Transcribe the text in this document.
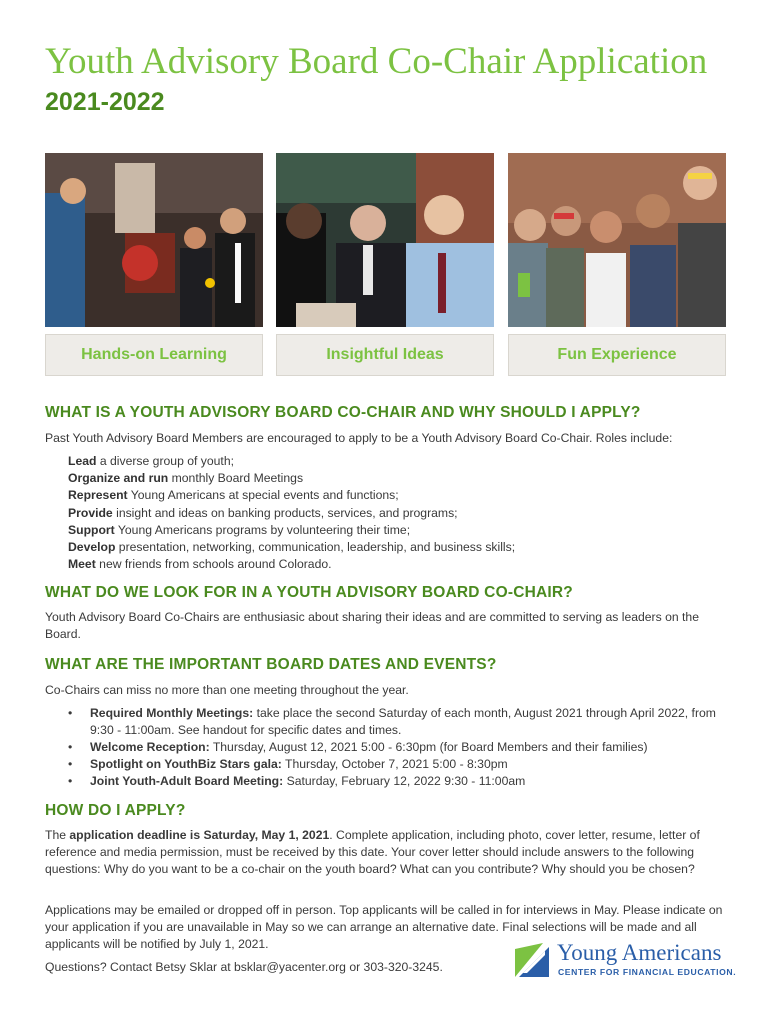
Youth Advisory Board Co-Chair Application
2021-2022
Hands-on Learning	Insightful Ideas	Fun Experience
WHAT IS A YOUTH ADVISORY BOARD CO-CHAIR AND WHY SHOULD I APPLY?

Past Youth Advisory Board Members are encouraged to apply to be a Youth Advisory Board Co-Chair. Roles include:

Lead a diverse group of youth;
Organize and run monthly Board Meetings
Represent Young Americans at special events and functions;
Provide insight and ideas on banking products, services, and programs;
Support Young Americans programs by volunteering their time;
Develop presentation, networking, communication, leadership, and business skills;
Meet new friends from schools around Colorado.
WHAT DO WE LOOK FOR IN A YOUTH ADVISORY BOARD CO-CHAIR?

Youth Advisory Board Co-Chairs are enthusiasic about sharing their ideas and are committed to serving as leaders on the Board.

WHAT ARE THE IMPORTANT BOARD DATES AND EVENTS?

Co-Chairs can miss no more than one meeting throughout the year.

• Required Monthly Meetings: take place the second Saturday of each month, August 2021 through April 2022, from 9:30 - 11:00am. See handout for specific dates and times.
• Welcome Reception: Thursday, August 12, 2021 5:00 - 6:30pm (for Board Members and their families)
• Spotlight on YouthBiz Stars gala: Thursday, October 7, 2021 5:00 - 8:30pm
• Joint Youth-Adult Board Meeting: Saturday, February 12, 2022 9:30 - 11:00am
HOW DO I APPLY?

The application deadline is Saturday, May 1, 2021. Complete application, including photo, cover letter, resume, letter of reference and media permission, must be received by this date. Your cover letter should include answers to the following questions: Why do you want to be a co-chair on the youth board? What can you contribute? Why should you be chosen?

Applications may be emailed or dropped off in person. Top applicants will be called in for interviews in May. Please indicate on your application if you are unavailable in May so we can arrange an alternative date. Final selections will be made and all applicants will be notified by July 1, 2021.

Questions? Contact Betsy Sklar at bsklar@yacenter.org or 303-320-3245.

Young Americans
CENTER FOR FINANCIAL EDUCATION.
